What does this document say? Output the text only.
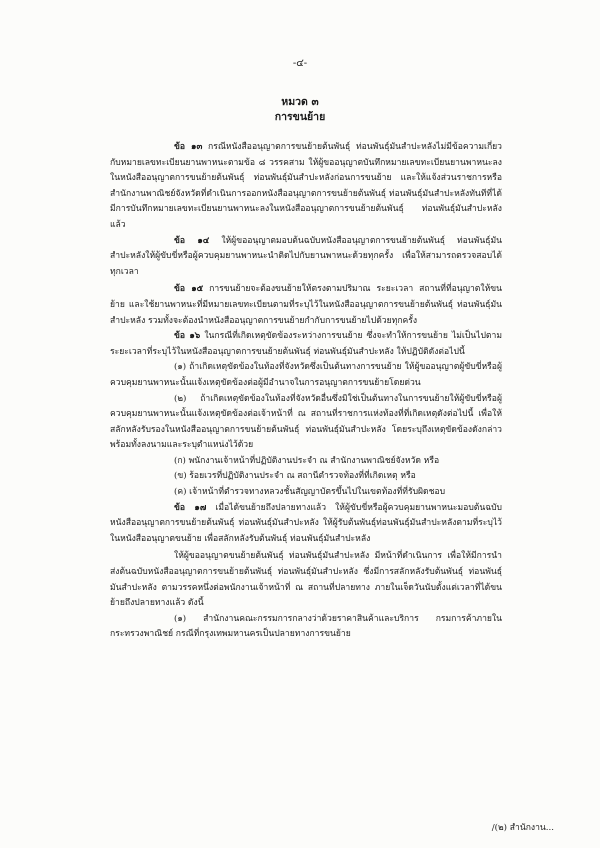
-๔-
หมวด ๓
การขนย้าย

ข้อ ๑๓ กรณีหนังสืออนุญาตการขนย้ายต้นพันธุ์ ท่อนพันธุ์มันสำปะหลังไม่มีข้อความเกี่ยวกับหมายเลขทะเบียนยานพาหนะตามข้อ ๘ วรรคสาม ให้ผู้ขออนุญาตบันทึกหมายเลขทะเบียนยานพาหนะลงในหนังสืออนุญาตการขนย้ายต้นพันธุ์ ท่อนพันธุ์มันสำปะหลังก่อนการขนย้าย และให้แจ้งส่วนราชการหรือสำนักงานพาณิชย์จังหวัดที่ดำเนินการออกหนังสืออนุญาตการขนย้ายต้นพันธุ์ ท่อนพันธุ์มันสำปะหลังทันทีที่ได้มีการบันทึกหมายเลขทะเบียนยานพาหนะลงในหนังสืออนุญาตการขนย้ายต้นพันธุ์ ท่อนพันธุ์มันสำปะหลังแล้ว

ข้อ ๑๔ ให้ผู้ขออนุญาตมอบต้นฉบับหนังสืออนุญาตการขนย้ายต้นพันธุ์ ท่อนพันธุ์มันสำปะหลังให้ผู้ขับขี่หรือผู้ควบคุมยานพาหนะนำติดไปกับยานพาหนะด้วยทุกครั้ง เพื่อให้สามารถตรวจสอบได้ทุกเวลา

ข้อ ๑๕ การขนย้ายจะต้องขนย้ายให้ตรงตามปริมาณ ระยะเวลา สถานที่ที่อนุญาตให้ขนย้าย และใช้ยานพาหนะที่มีหมายเลขทะเบียนตามที่ระบุไว้ในหนังสืออนุญาตการขนย้ายต้นพันธุ์ ท่อนพันธุ์มันสำปะหลัง รวมทั้งจะต้องนำหนังสืออนุญาตการขนย้ายกำกับการขนย้ายไปด้วยทุกครั้ง

ข้อ ๑๖ ในกรณีที่เกิดเหตุขัดข้องระหว่างการขนย้าย ซึ่งจะทำให้การขนย้าย ไม่เป็นไปตามระยะเวลาที่ระบุไว้ในหนังสืออนุญาตการขนย้ายต้นพันธุ์ ท่อนพันธุ์มันสำปะหลัง ให้ปฏิบัติดังต่อไปนี้

(๑) ถ้าเกิดเหตุขัดข้องในท้องที่จังหวัดซึ่งเป็นต้นทางการขนย้าย ให้ผู้ขออนุญาตผู้ขับขี่หรือผู้ควบคุมยานพาหนะนั้นแจ้งเหตุขัดข้องต่อผู้มีอำนาจในการอนุญาตการขนย้ายโดยด่วน

(๒) ถ้าเกิดเหตุขัดข้องในท้องที่จังหวัดอื่นซึ่งมิใช่เป็นต้นทางในการขนย้ายให้ผู้ขับขี่หรือผู้ควบคุมยานพาหนะนั้นแจ้งเหตุขัดข้องต่อเจ้าหน้าที่ ณ สถานที่ราชการแห่งท้องที่ที่เกิดเหตุดังต่อไปนี้ เพื่อให้สลักหลังรับรองในหนังสืออนุญาตการขนย้ายต้นพันธุ์ ท่อนพันธุ์มันสำปะหลัง โดยระบุถึงเหตุขัดข้องดังกล่าว พร้อมทั้งลงนามและระบุตำแหน่งไว้ด้วย

(ก) พนักงานเจ้าหน้าที่ปฏิบัติงานประจำ ณ สำนักงานพาณิชย์จังหวัด หรือ

(ข) ร้อยเวรที่ปฏิบัติงานประจำ ณ สถานีตำรวจท้องที่ที่เกิดเหตุ หรือ

(ค) เจ้าหน้าที่ตำรวจทางหลวงชั้นสัญญาบัตรขึ้นไปในเขตท้องที่ที่รับผิดชอบ

ข้อ ๑๗ เมื่อได้ขนย้ายถึงปลายทางแล้ว ให้ผู้ขับขี่หรือผู้ควบคุมยานพาหนะมอบต้นฉบับหนังสืออนุญาตการขนย้ายต้นพันธุ์ ท่อนพันธุ์มันสำปะหลัง ให้ผู้รับต้นพันธุ์ท่อนพันธุ์มันสำปะหลังตามที่ระบุไว้ในหนังสืออนุญาตขนย้าย เพื่อสลักหลังรับต้นพันธุ์ ท่อนพันธุ์มันสำปะหลัง

ให้ผู้ขออนุญาตขนย้ายต้นพันธุ์ ท่อนพันธุ์มันสำปะหลัง มีหน้าที่ดำเนินการ เพื่อให้มีการนำส่งต้นฉบับหนังสืออนุญาตการขนย้ายต้นพันธุ์ ท่อนพันธุ์มันสำปะหลัง ซึ่งมีการสลักหลังรับต้นพันธุ์ ท่อนพันธุ์มันสำปะหลัง ตามวรรคหนึ่งต่อพนักงานเจ้าหน้าที่ ณ สถานที่ปลายทาง ภายในเจ็ดวันนับตั้งแต่เวลาที่ได้ขนย้ายถึงปลายทางแล้ว ดังนี้

(๑) สำนักงานคณะกรรมการกลางว่าด้วยราคาสินค้าและบริการ กรมการค้าภายใน กระทรวงพาณิชย์ กรณีที่กรุงเทพมหานครเป็นปลายทางการขนย้าย

/(๒) สำนักงาน...
